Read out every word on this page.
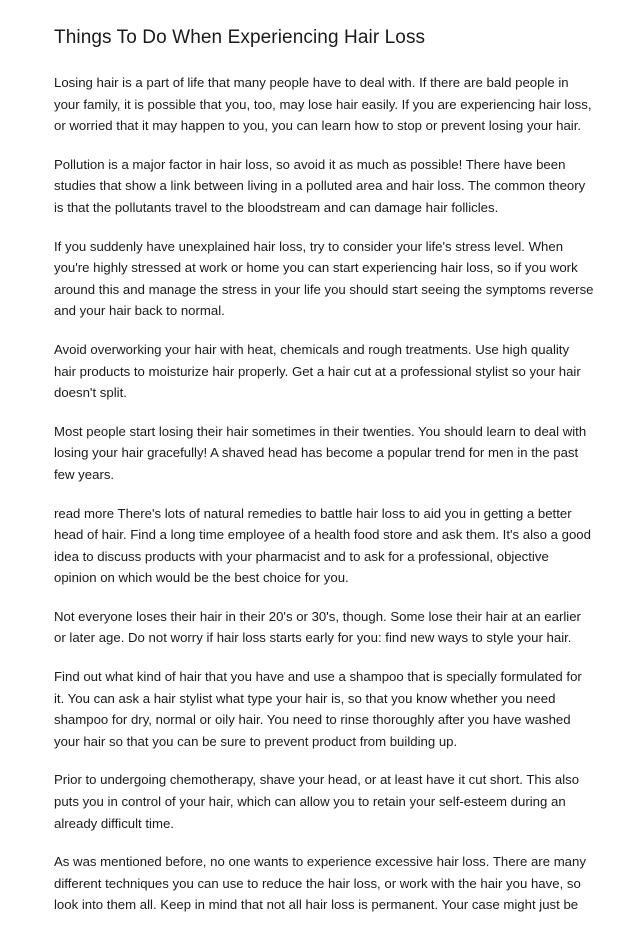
Things To Do When Experiencing Hair Loss

Losing hair is a part of life that many people have to deal with. If there are bald people in your family, it is possible that you, too, may lose hair easily. If you are experiencing hair loss, or worried that it may happen to you, you can learn how to stop or prevent losing your hair.

Pollution is a major factor in hair loss, so avoid it as much as possible! There have been studies that show a link between living in a polluted area and hair loss. The common theory is that the pollutants travel to the bloodstream and can damage hair follicles.

If you suddenly have unexplained hair loss, try to consider your life's stress level. When you're highly stressed at work or home you can start experiencing hair loss, so if you work around this and manage the stress in your life you should start seeing the symptoms reverse and your hair back to normal.

Avoid overworking your hair with heat, chemicals and rough treatments. Use high quality hair products to moisturize hair properly. Get a hair cut at a professional stylist so your hair doesn't split.

Most people start losing their hair sometimes in their twenties. You should learn to deal with losing your hair gracefully! A shaved head has become a popular trend for men in the past few years.

read more There's lots of natural remedies to battle hair loss to aid you in getting a better head of hair. Find a long time employee of a health food store and ask them. It's also a good idea to discuss products with your pharmacist and to ask for a professional, objective opinion on which would be the best choice for you.

Not everyone loses their hair in their 20's or 30's, though. Some lose their hair at an earlier or later age. Do not worry if hair loss starts early for you: find new ways to style your hair.

Find out what kind of hair that you have and use a shampoo that is specially formulated for it. You can ask a hair stylist what type your hair is, so that you know whether you need shampoo for dry, normal or oily hair. You need to rinse thoroughly after you have washed your hair so that you can be sure to prevent product from building up.

Prior to undergoing chemotherapy, shave your head, or at least have it cut short. This also puts you in control of your hair, which can allow you to retain your self-esteem during an already difficult time.

As was mentioned before, no one wants to experience excessive hair loss. There are many different techniques you can use to reduce the hair loss, or work with the hair you have, so look into them all. Keep in mind that not all hair loss is permanent. Your case might just be
